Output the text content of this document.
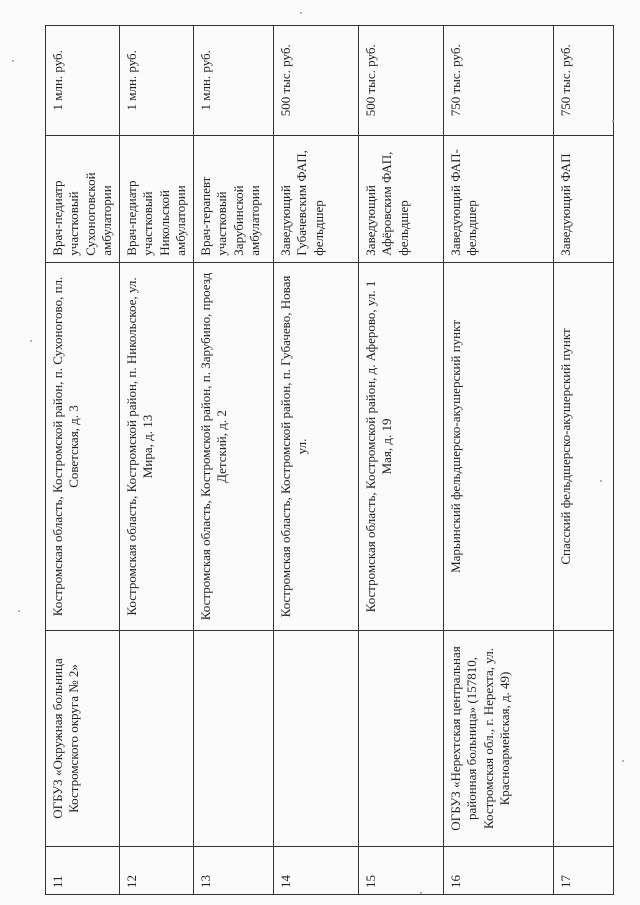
11	ОГБУЗ «Окружная больница Костромского округа № 2»	Костромская область, Костромской район, п. Сухоногово, пл. Советская, д. 3	Врач-педиатр участковый Сухоноговской амбулатории	1 млн. руб.
12		Костромская область, Костромской район, п. Никольское, ул. Мира, д. 13	Врач-педиатр участковый Никольской амбулатории	1 млн. руб.
13		Костромская область, Костромской район, п. Зарубино, проезд Детский, д. 2	Врач-терапевт участковый Зарубинской амбулатории	1 млн. руб.
14		Костромская область, Костромской район, п. Губачево, Новая ул.	Заведующий Губачевским ФАП, фельдшер	500 тыс. руб.
15		Костромская область, Костромской район, д. Аферово, ул. 1 Мая, д. 19	Заведующий Афёровским ФАП, фельдшер	500 тыс. руб.
16	ОГБУЗ «Нерехтская центральная районная больница» (157810, Костромская обл., г. Нерехта, ул. Красноармейская, д. 49)	Марьинский фельдшерско-акушерский пункт	Заведующий ФАП-фельдшер	750 тыс. руб.
17		Спасский фельдшерско-акушерский пункт	Заведующий ФАП	750 тыс. руб.
